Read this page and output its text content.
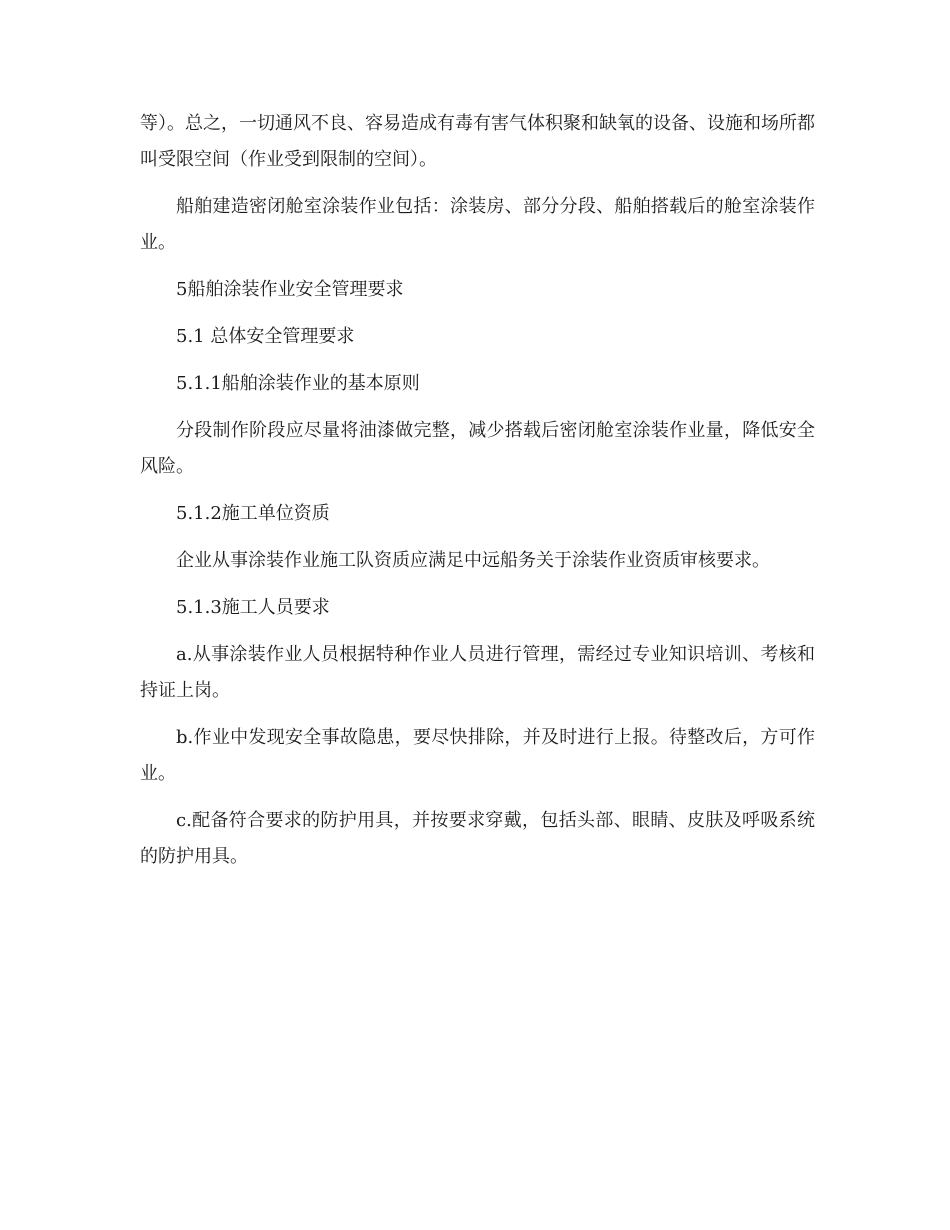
等）。总之，一切通风不良、容易造成有毒有害气体积聚和缺氧的设备、设施和场所都叫受限空间（作业受到限制的空间）。

船舶建造密闭舱室涂装作业包括：涂装房、部分分段、船舶搭载后的舱室涂装作业。

5船舶涂装作业安全管理要求

5.1 总体安全管理要求

5.1.1船舶涂装作业的基本原则

分段制作阶段应尽量将油漆做完整，减少搭载后密闭舱室涂装作业量，降低安全风险。

5.1.2施工单位资质

企业从事涂装作业施工队资质应满足中远船务关于涂装作业资质审核要求。

5.1.3施工人员要求

a.从事涂装作业人员根据特种作业人员进行管理，需经过专业知识培训、考核和持证上岗。

b.作业中发现安全事故隐患，要尽快排除，并及时进行上报。待整改后，方可作业。

c.配备符合要求的防护用具，并按要求穿戴，包括头部、眼睛、皮肤及呼吸系统的防护用具。
